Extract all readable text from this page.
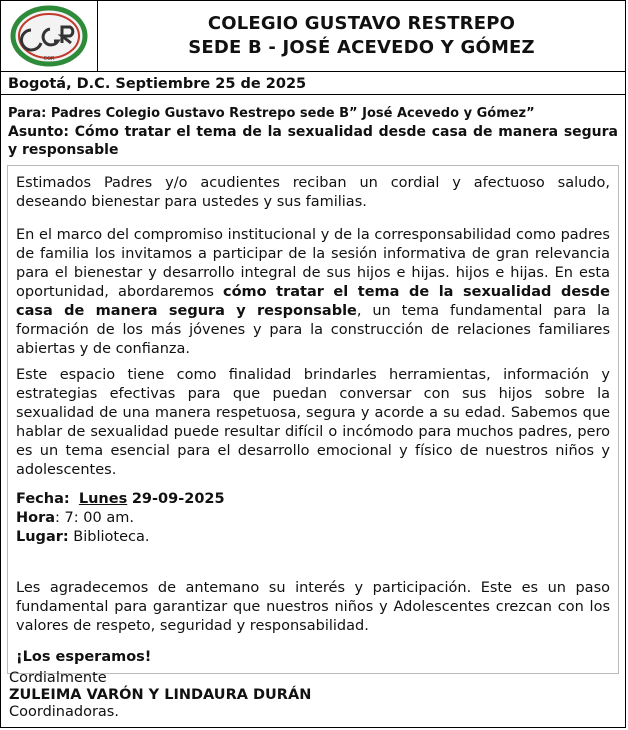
CGR
COLEGIO GUSTAVO RESTREPO
SEDE B - JOSÉ ACEVEDO Y GÓMEZ
Bogotá, D.C. Septiembre 25 de 2025
Para: Padres Colegio Gustavo Restrepo sede B” José Acevedo y Gómez”
Asunto: Cómo tratar el tema de la sexualidad desde casa de manera segura y responsable

Estimados Padres y/o acudientes reciban un cordial y afectuoso saludo, deseando bienestar para ustedes y sus familias.

En el marco del compromiso institucional y de la corresponsabilidad como padres de familia los invitamos a participar de la sesión informativa de gran relevancia para el bienestar y desarrollo integral de sus hijos e hijas. hijos e hijas. En esta oportunidad, abordaremos cómo tratar el tema de la sexualidad desde casa de manera segura y responsable, un tema fundamental para la formación de los más jóvenes y para la construcción de relaciones familiares abiertas y de confianza.

Este espacio tiene como finalidad brindarles herramientas, información y estrategias efectivas para que puedan conversar con sus hijos sobre la sexualidad de una manera respetuosa, segura y acorde a su edad. Sabemos que hablar de sexualidad puede resultar difícil o incómodo para muchos padres, pero es un tema esencial para el desarrollo emocional y físico de nuestros niños y adolescentes.

Fecha: Lunes 29-09-2025
Hora: 7: 00 am.
Lugar: Biblioteca.

Les agradecemos de antemano su interés y participación. Este es un paso fundamental para garantizar que nuestros niños y Adolescentes crezcan con los valores de respeto, seguridad y responsabilidad.

¡Los esperamos!
Cordialmente
ZULEIMA VARÓN Y LINDAURA DURÁN
Coordinadoras.
